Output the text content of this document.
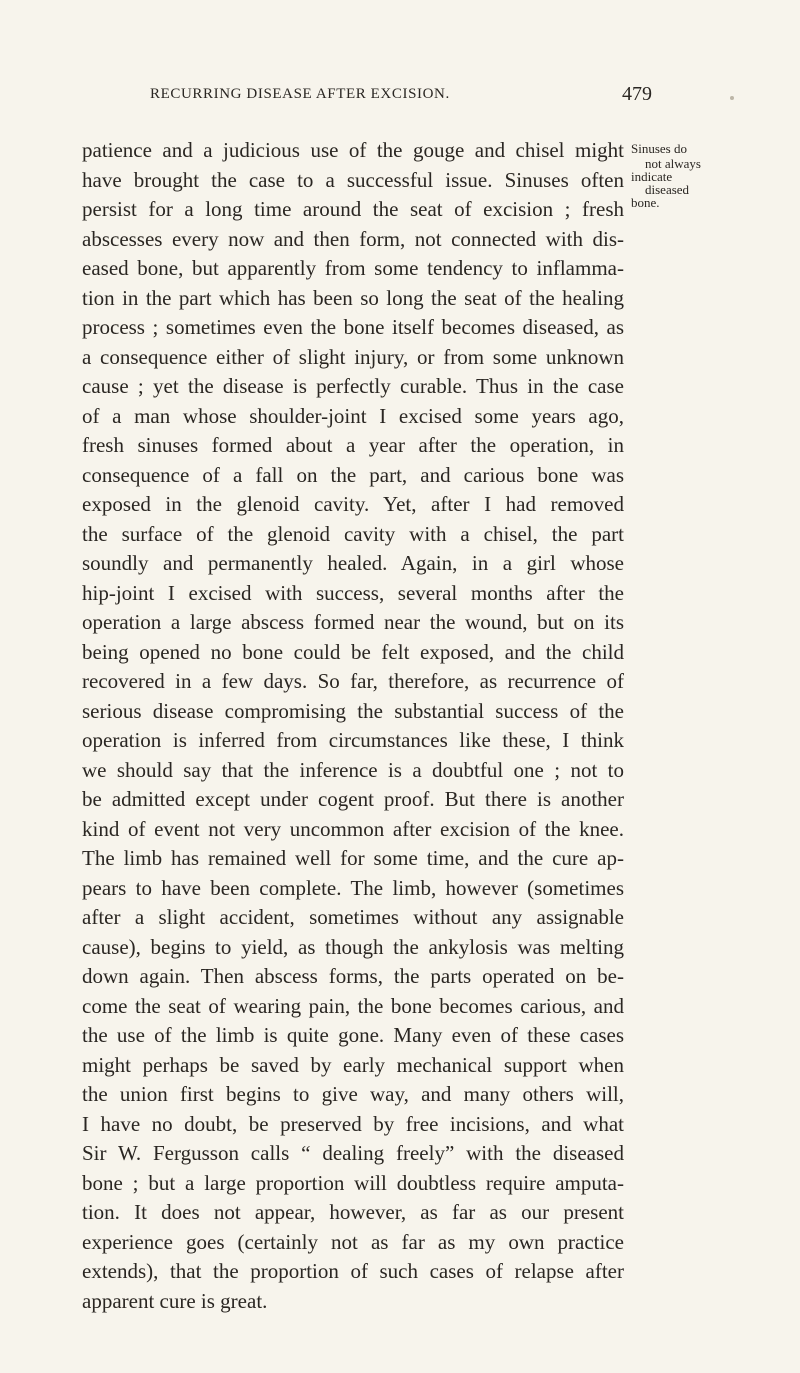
RECURRING DISEASE AFTER EXCISION.	479
Sinuses do
not always
indicate
diseased
bone.
patience and a judicious use of the gouge and chisel might
have brought the case to a successful issue. Sinuses often
persist for a long time around the seat of excision ; fresh
abscesses every now and then form, not connected with dis-
eased bone, but apparently from some tendency to inflamma-
tion in the part which has been so long the seat of the healing
process ; sometimes even the bone itself becomes diseased, as
a consequence either of slight injury, or from some unknown
cause ; yet the disease is perfectly curable. Thus in the case
of a man whose shoulder-joint I excised some years ago,
fresh sinuses formed about a year after the operation, in
consequence of a fall on the part, and carious bone was
exposed in the glenoid cavity. Yet, after I had removed
the surface of the glenoid cavity with a chisel, the part
soundly and permanently healed. Again, in a girl whose
hip-joint I excised with success, several months after the
operation a large abscess formed near the wound, but on its
being opened no bone could be felt exposed, and the child
recovered in a few days. So far, therefore, as recurrence of
serious disease compromising the substantial success of the
operation is inferred from circumstances like these, I think
we should say that the inference is a doubtful one ; not to
be admitted except under cogent proof. But there is another
kind of event not very uncommon after excision of the knee.
The limb has remained well for some time, and the cure ap-
pears to have been complete. The limb, however (sometimes
after a slight accident, sometimes without any assignable
cause), begins to yield, as though the ankylosis was melting
down again. Then abscess forms, the parts operated on be-
come the seat of wearing pain, the bone becomes carious, and
the use of the limb is quite gone. Many even of these cases
might perhaps be saved by early mechanical support when
the union first begins to give way, and many others will,
I have no doubt, be preserved by free incisions, and what
Sir W. Fergusson calls “ dealing freely” with the diseased
bone ; but a large proportion will doubtless require amputa-
tion. It does not appear, however, as far as our present
experience goes (certainly not as far as my own practice
extends), that the proportion of such cases of relapse after
apparent cure is great.
